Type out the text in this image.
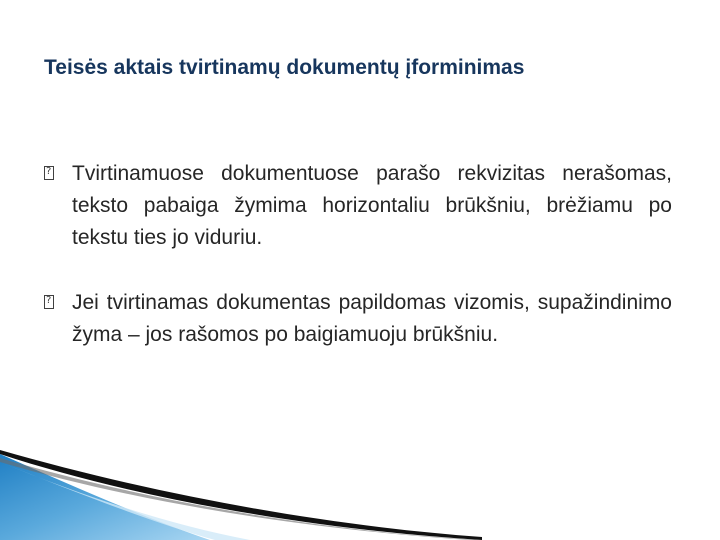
Teisės aktais tvirtinamų dokumentų įforminimas
?

Tvirtinamuose dokumentuose parašo rekvizitas nerašomas, teksto pabaiga žymima horizontaliu brūkšniu, brėžiamu po tekstu ties jo viduriu.

?

Jei tvirtinamas dokumentas papildomas vizomis, supažindinimo žyma – jos rašomos po baigiamuoju brūkšniu.
